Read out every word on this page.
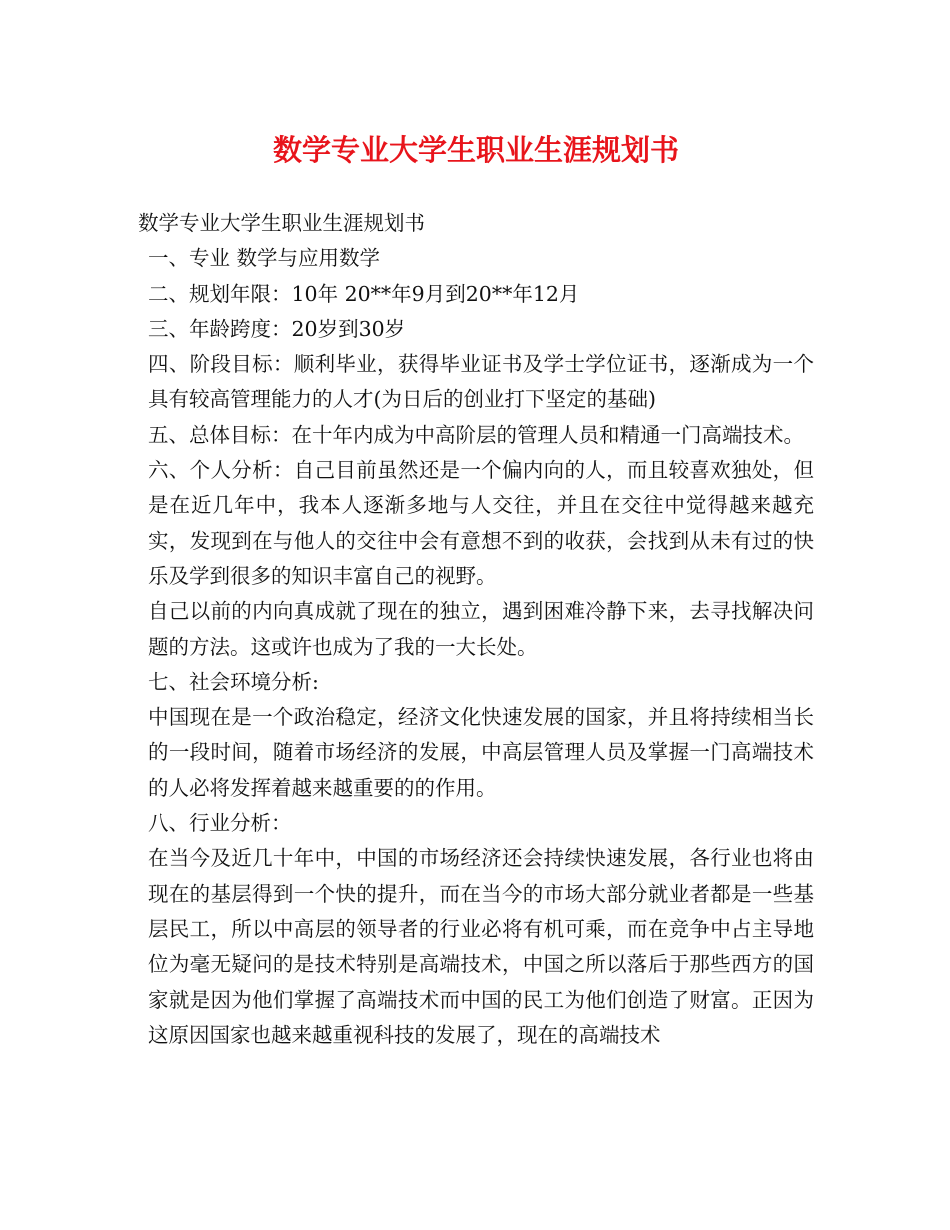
数学专业大学生职业生涯规划书

数学专业大学生职业生涯规划书

一、专业 数学与应用数学

二、规划年限：10年 20**年9月到20**年12月

三、年龄跨度：20岁到30岁

四、阶段目标：顺利毕业，获得毕业证书及学士学位证书，逐渐成为一个具有较高管理能力的人才(为日后的创业打下坚定的基础)

五、总体目标：在十年内成为中高阶层的管理人员和精通一门高端技术。

六、个人分析：自己目前虽然还是一个偏内向的人，而且较喜欢独处，但是在近几年中，我本人逐渐多地与人交往，并且在交往中觉得越来越充实，发现到在与他人的交往中会有意想不到的收获，会找到从未有过的快乐及学到很多的知识丰富自己的视野。

自己以前的内向真成就了现在的独立，遇到困难冷静下来，去寻找解决问题的方法。这或许也成为了我的一大长处。

七、社会环境分析:

中国现在是一个政治稳定，经济文化快速发展的国家，并且将持续相当长的一段时间，随着市场经济的发展，中高层管理人员及掌握一门高端技术的人必将发挥着越来越重要的的作用。

八、行业分析：

在当今及近几十年中，中国的市场经济还会持续快速发展，各行业也将由现在的基层得到一个快的提升，而在当今的市场大部分就业者都是一些基层民工，所以中高层的领导者的行业必将有机可乘，而在竞争中占主导地位为毫无疑问的是技术特别是高端技术，中国之所以落后于那些西方的国家就是因为他们掌握了高端技术而中国的民工为他们创造了财富。正因为这原因国家也越来越重视科技的发展了，现在的高端技术
